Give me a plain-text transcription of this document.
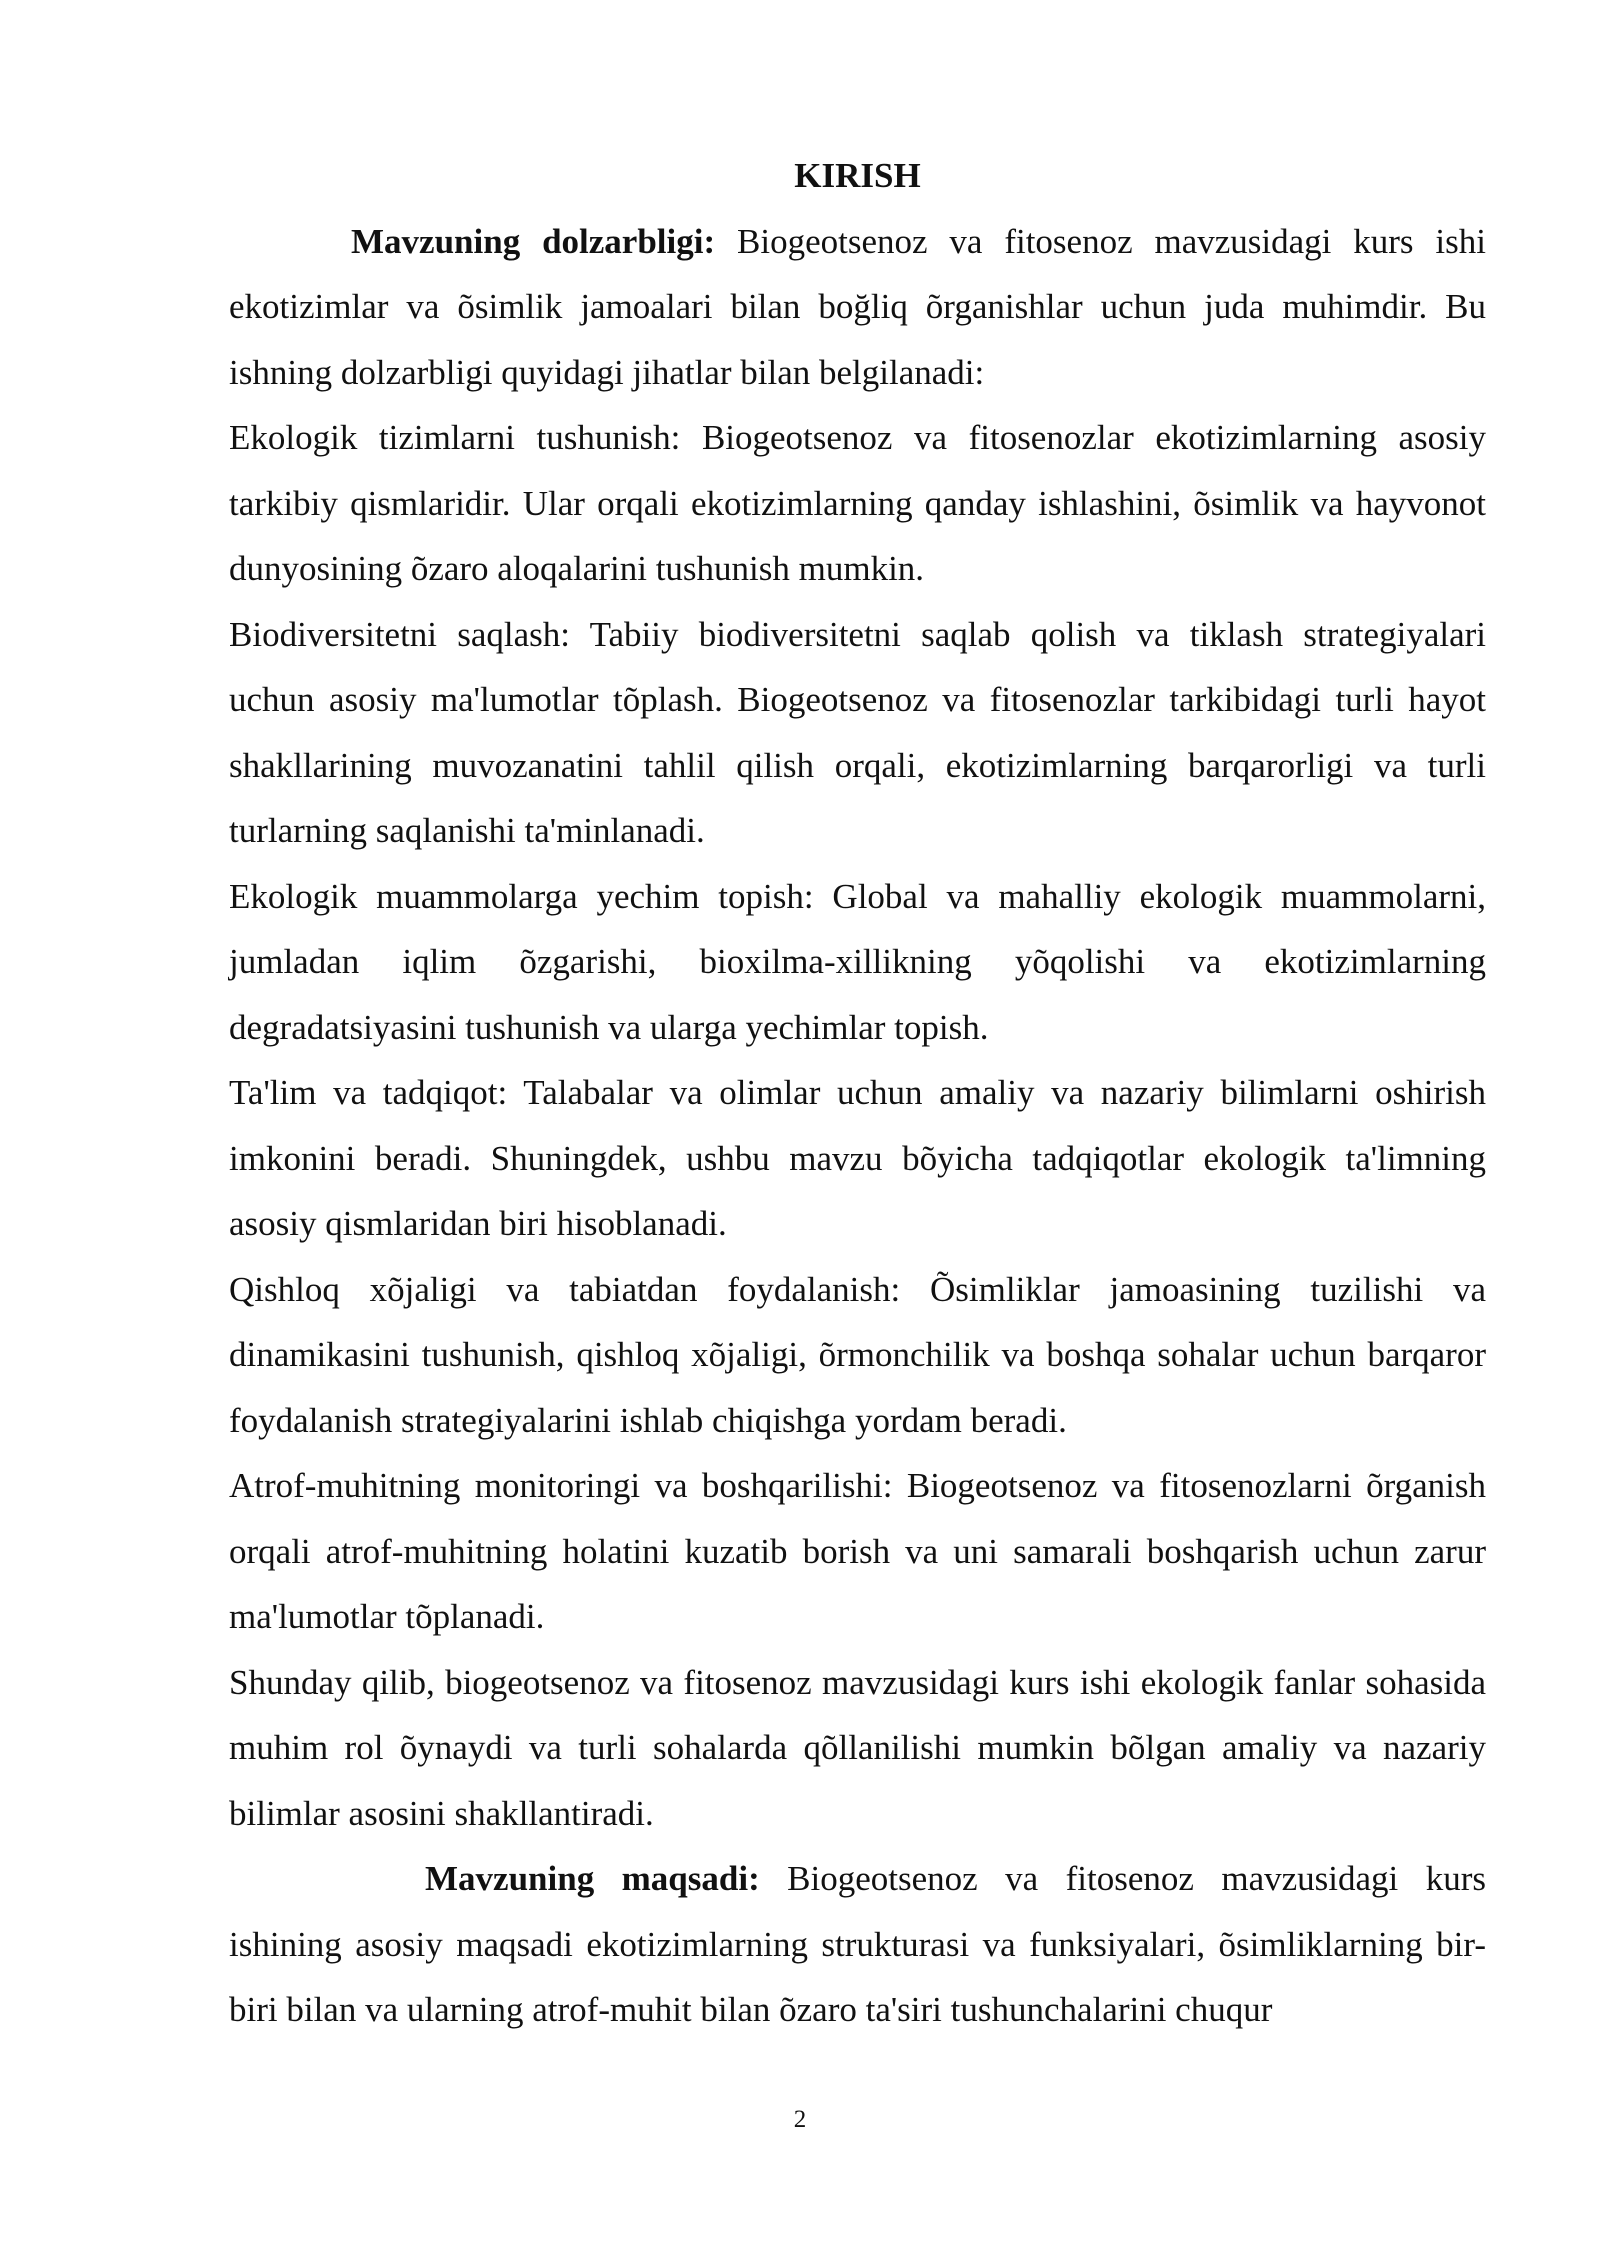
KIRISH

Mavzuning dolzarbligi: Biogeotsenoz va fitosenoz mavzusidagi kurs ishi ekotizimlar va õsimlik jamoalari bilan boğliq õrganishlar uchun juda muhimdir. Bu ishning dolzarbligi quyidagi jihatlar bilan belgilanadi:

Ekologik tizimlarni tushunish: Biogeotsenoz va fitosenozlar ekotizimlarning asosiy tarkibiy qismlaridir. Ular orqali ekotizimlarning qanday ishlashini, õsimlik va hayvonot dunyosining õzaro aloqalarini tushunish mumkin.

Biodiversitetni saqlash: Tabiiy biodiversitetni saqlab qolish va tiklash strategiyalari uchun asosiy ma'lumotlar tõplash. Biogeotsenoz va fitosenozlar tarkibidagi turli hayot shakllarining muvozanatini tahlil qilish orqali, ekotizimlarning barqarorligi va turli turlarning saqlanishi ta'minlanadi.

Ekologik muammolarga yechim topish: Global va mahalliy ekologik muammolarni, jumladan iqlim õzgarishi, bioxilma-xillikning yõqolishi va ekotizimlarning degradatsiyasini tushunish va ularga yechimlar topish.

Ta'lim va tadqiqot: Talabalar va olimlar uchun amaliy va nazariy bilimlarni oshirish imkonini beradi. Shuningdek, ushbu mavzu bõyicha tadqiqotlar ekologik ta'limning asosiy qismlaridan biri hisoblanadi.

Qishloq xõjaligi va tabiatdan foydalanish: Õsimliklar jamoasining tuzilishi va dinamikasini tushunish, qishloq xõjaligi, õrmonchilik va boshqa sohalar uchun barqaror foydalanish strategiyalarini ishlab chiqishga yordam beradi.

Atrof-muhitning monitoringi va boshqarilishi: Biogeotsenoz va fitosenozlarni õrganish orqali atrof-muhitning holatini kuzatib borish va uni samarali boshqarish uchun zarur ma'lumotlar tõplanadi.

Shunday qilib, biogeotsenoz va fitosenoz mavzusidagi kurs ishi ekologik fanlar sohasida muhim rol õynaydi va turli sohalarda qõllanilishi mumkin bõlgan amaliy va nazariy bilimlar asosini shakllantiradi.

Mavzuning maqsadi: Biogeotsenoz va fitosenoz mavzusidagi kurs ishining asosiy maqsadi ekotizimlarning strukturasi va funksiyalari, õsimliklarning bir-biri bilan va ularning atrof-muhit bilan õzaro ta'siri tushunchalarini chuqur

2
